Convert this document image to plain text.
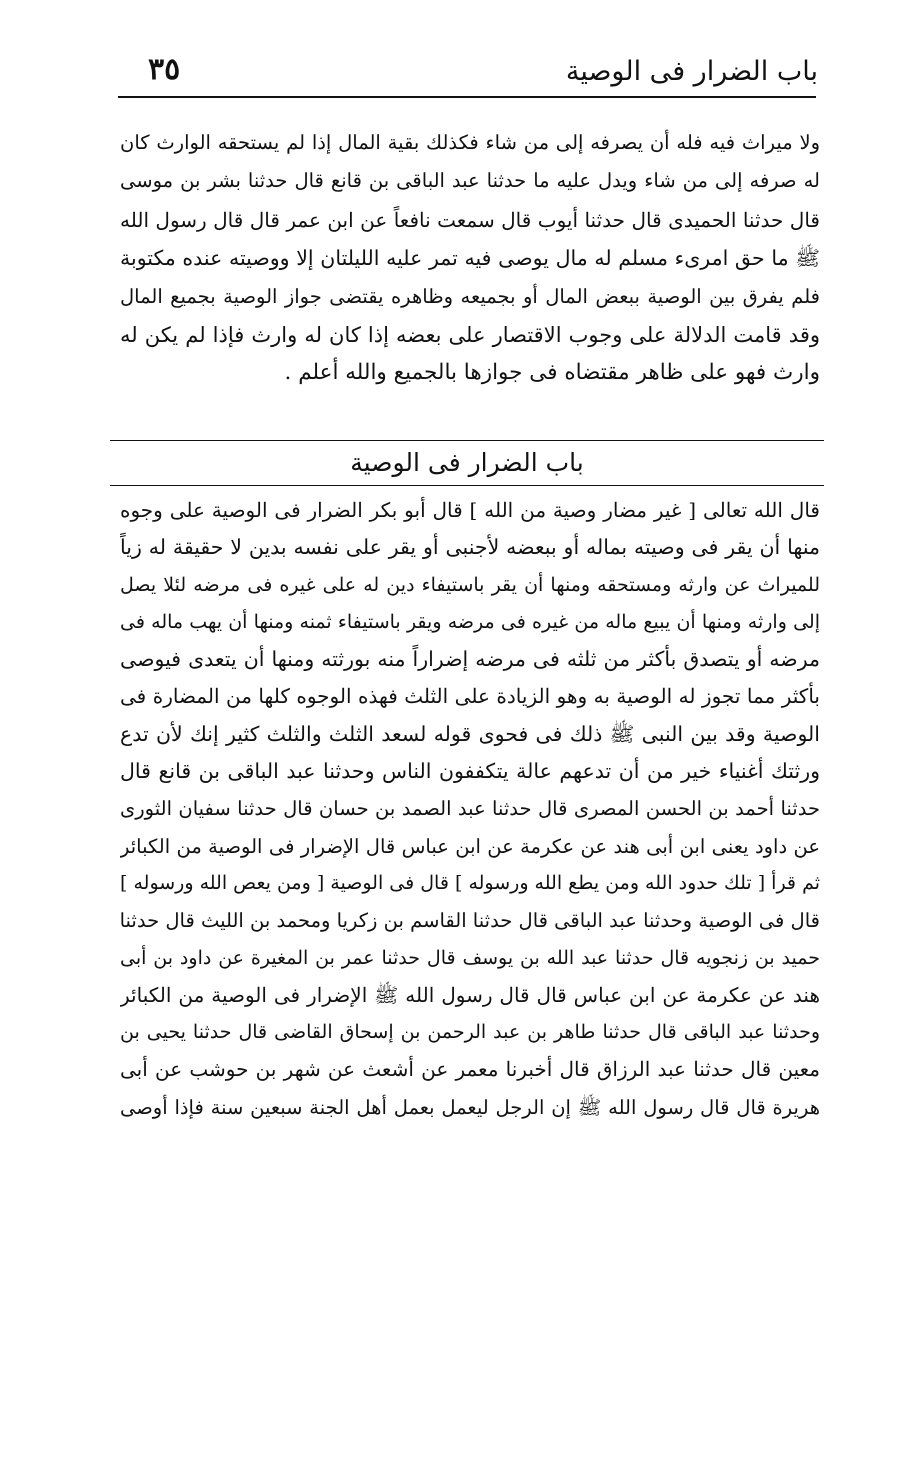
٣٥	باب الضرار فى الوصية
ولا ميراث فيه فله أن يصرفه إلى من شاء فكذلك بقية المال إذا لم يستحقه الوارث كان
له صرفه إلى من شاء ويدل عليه ما حدثنا عبد الباقى بن قانع قال حدثنا بشر بن موسى
قال حدثنا الحميدى قال حدثنا أيوب قال سمعت نافعاً عن ابن عمر قال قال رسول الله
ﷺ ما حق امرىء مسلم له مال يوصى فيه تمر عليه الليلتان إلا ووصيته عنده مكتوبة
فلم يفرق بين الوصية ببعض المال أو بجميعه وظاهره يقتضى جواز الوصية بجميع المال
وقد قامت الدلالة على وجوب الاقتصار على بعضه إذا كان له وارث فإذا لم يكن له
وارث فهو على ظاهر مقتضاه فى جوازها بالجميع والله أعلم .
باب الضرار فى الوصية
قال الله تعالى [ غير مضار وصية من الله ] قال أبو بكر الضرار فى الوصية على وجوه
منها أن يقر فى وصيته بماله أو ببعضه لأجنبى أو يقر على نفسه بدين لا حقيقة له زياً
للميراث عن وارثه ومستحقه ومنها أن يقر باستيفاء دين له على غيره فى مرضه لئلا يصل
إلى وارثه ومنها أن يبيع ماله من غيره فى مرضه ويقر باستيفاء ثمنه ومنها أن يهب ماله فى
مرضه أو يتصدق بأكثر من ثلثه فى مرضه إضراراً منه بورثته ومنها أن يتعدى فيوصى
بأكثر مما تجوز له الوصية به وهو الزيادة على الثلث فهذه الوجوه كلها من المضارة فى
الوصية وقد بين النبى ﷺ ذلك فى فحوى قوله لسعد الثلث والثلث كثير إنك لأن تدع
ورثتك أغنياء خير من أن تدعهم عالة يتكففون الناس وحدثنا عبد الباقى بن قانع قال
حدثنا أحمد بن الحسن المصرى قال حدثنا عبد الصمد بن حسان قال حدثنا سفيان الثورى
عن داود يعنى ابن أبى هند عن عكرمة عن ابن عباس قال الإضرار فى الوصية من الكبائر
ثم قرأ [ تلك حدود الله ومن يطع الله ورسوله ] قال فى الوصية [ ومن يعص الله ورسوله ]
قال فى الوصية وحدثنا عبد الباقى قال حدثنا القاسم بن زكريا ومحمد بن الليث قال حدثنا
حميد بن زنجويه قال حدثنا عبد الله بن يوسف قال حدثنا عمر بن المغيرة عن داود بن أبى
هند عن عكرمة عن ابن عباس قال قال رسول الله ﷺ الإضرار فى الوصية من الكبائر
وحدثنا عبد الباقى قال حدثنا طاهر بن عبد الرحمن بن إسحاق القاضى قال حدثنا يحيى بن
معين قال حدثنا عبد الرزاق قال أخبرنا معمر عن أشعث عن شهر بن حوشب عن أبى
هريرة قال قال رسول الله ﷺ إن الرجل ليعمل بعمل أهل الجنة سبعين سنة فإذا أوصى
